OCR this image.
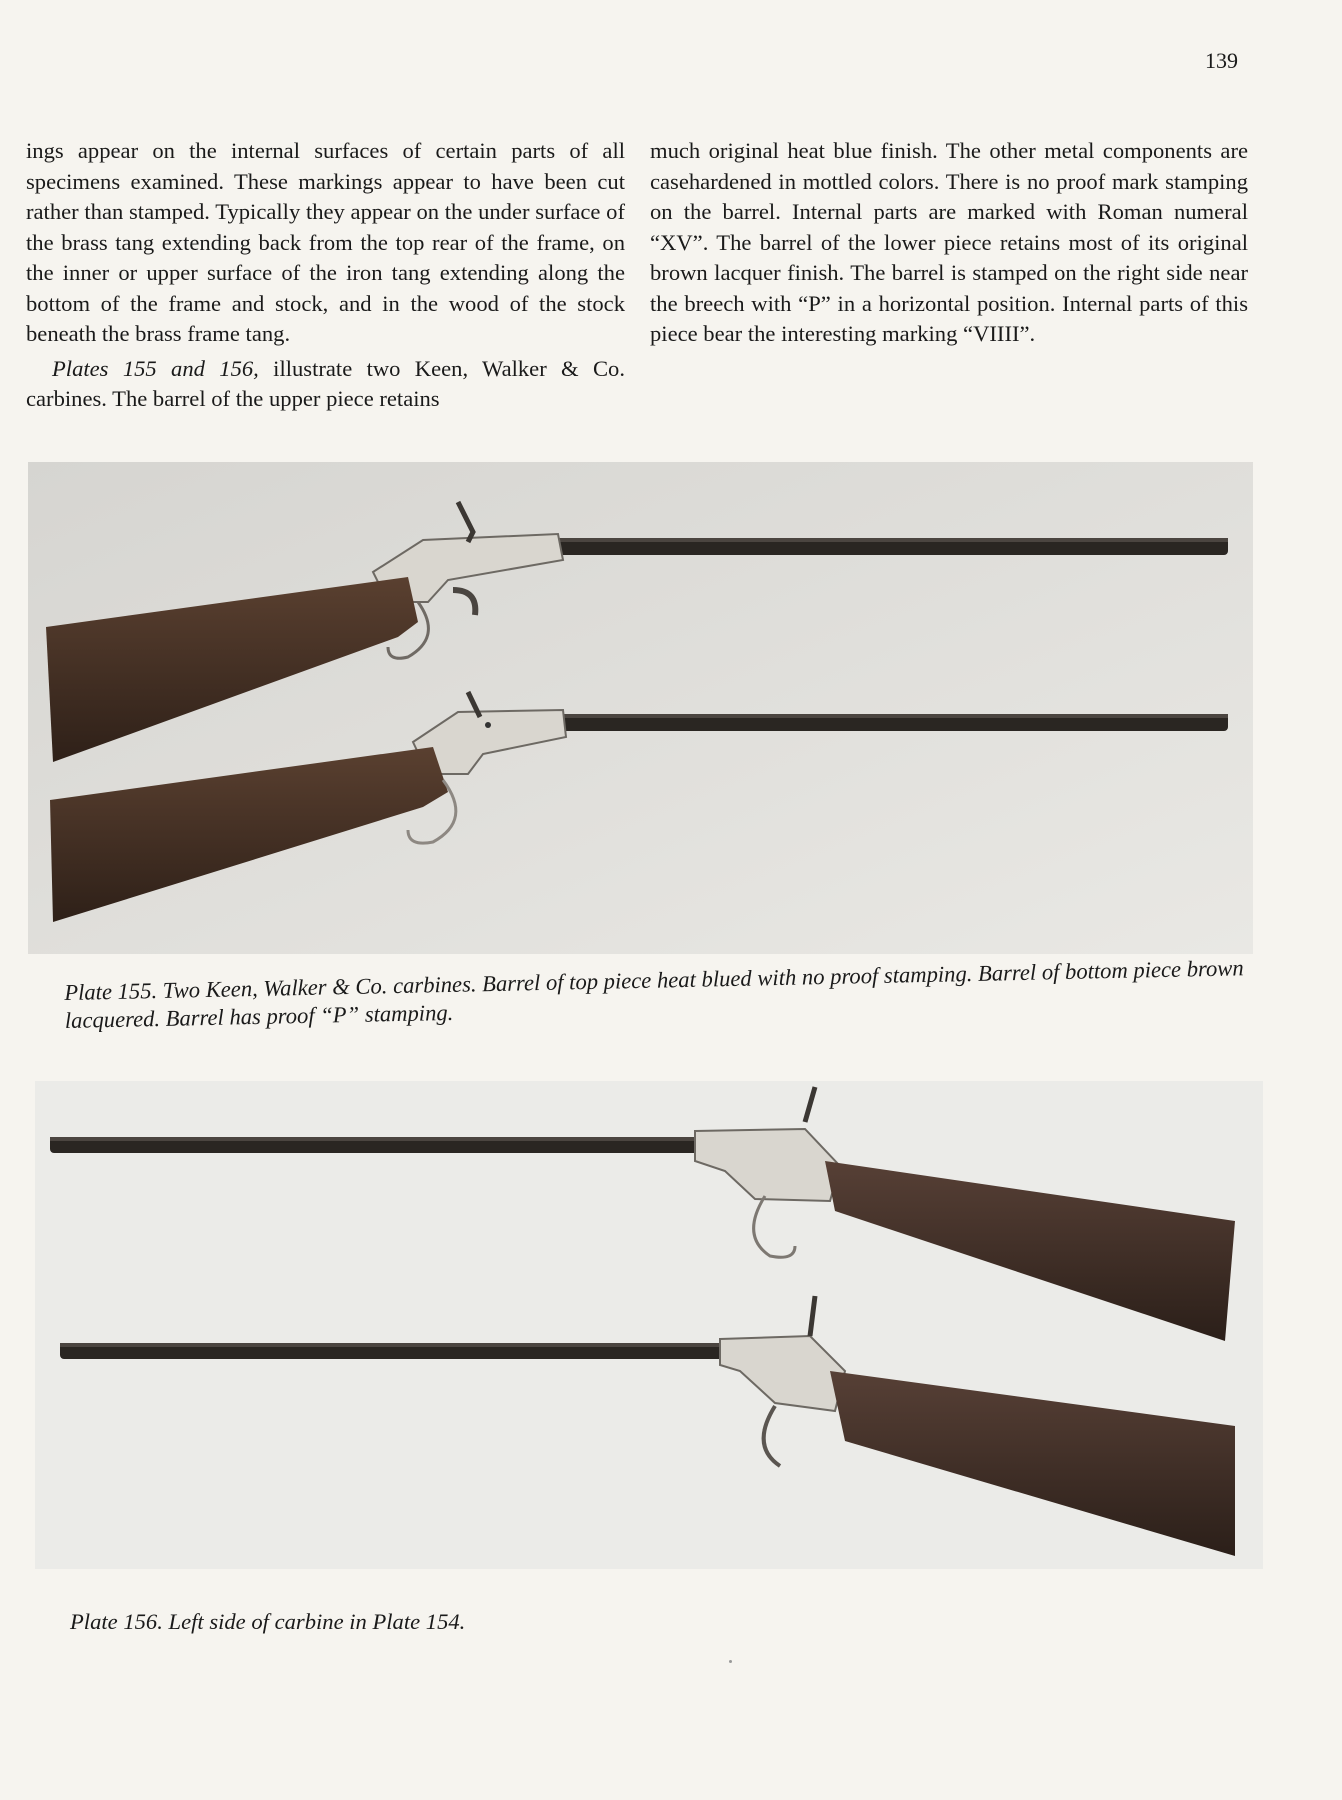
139

ings appear on the internal surfaces of certain parts of all specimens examined. These markings appear to have been cut rather than stamped. Typically they appear on the under surface of the brass tang extending back from the top rear of the frame, on the inner or upper surface of the iron tang extending along the bottom of the frame and stock, and in the wood of the stock beneath the brass frame tang.

Plates 155 and 156, illustrate two Keen, Walker & Co. carbines. The barrel of the upper piece retains

much original heat blue finish. The other metal components are casehardened in mottled colors. There is no proof mark stamping on the barrel. Internal parts are marked with Roman numeral “XV”. The barrel of the lower piece retains most of its original brown lacquer finish. The barrel is stamped on the right side near the breech with “P” in a horizontal position. Internal parts of this piece bear the interesting marking “VIIII”.

Plate 155. Two Keen, Walker & Co. carbines. Barrel of top piece heat blued with no proof stamping. Barrel of bottom piece brown lacquered. Barrel has proof “P” stamping.
Plate 156. Left side of carbine in Plate 154.
